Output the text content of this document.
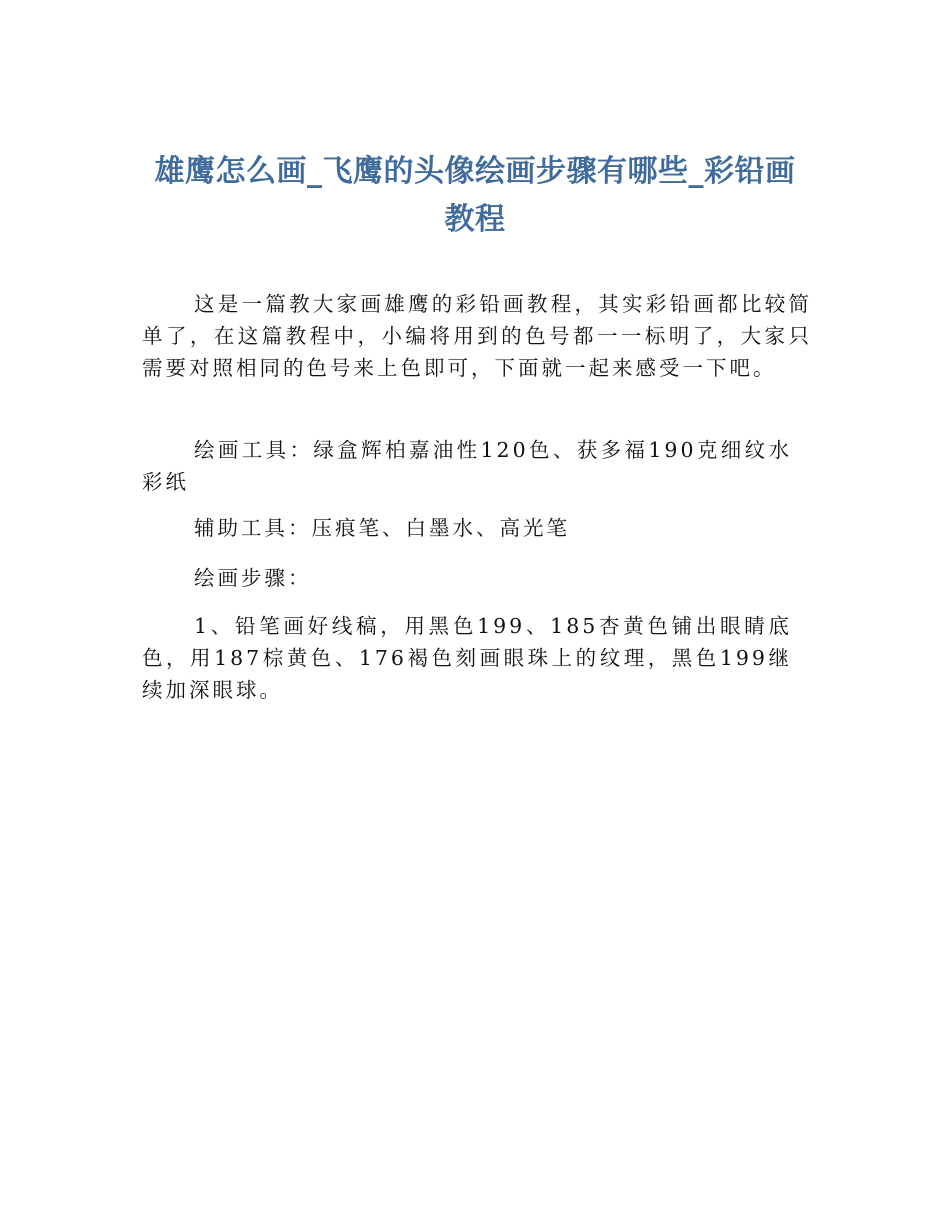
雄鹰怎么画_飞鹰的头像绘画步骤有哪些_彩铅画教程

这是一篇教大家画雄鹰的彩铅画教程，其实彩铅画都比较简单了，在这篇教程中，小编将用到的色号都一一标明了，大家只需要对照相同的色号来上色即可，下面就一起来感受一下吧。

绘画工具：绿盒辉柏嘉油性120色、获多福190克细纹水彩纸

辅助工具：压痕笔、白墨水、高光笔

绘画步骤：

1、铅笔画好线稿，用黑色199、185杏黄色铺出眼睛底色，用187棕黄色、176褐色刻画眼珠上的纹理，黑色199继续加深眼球。
